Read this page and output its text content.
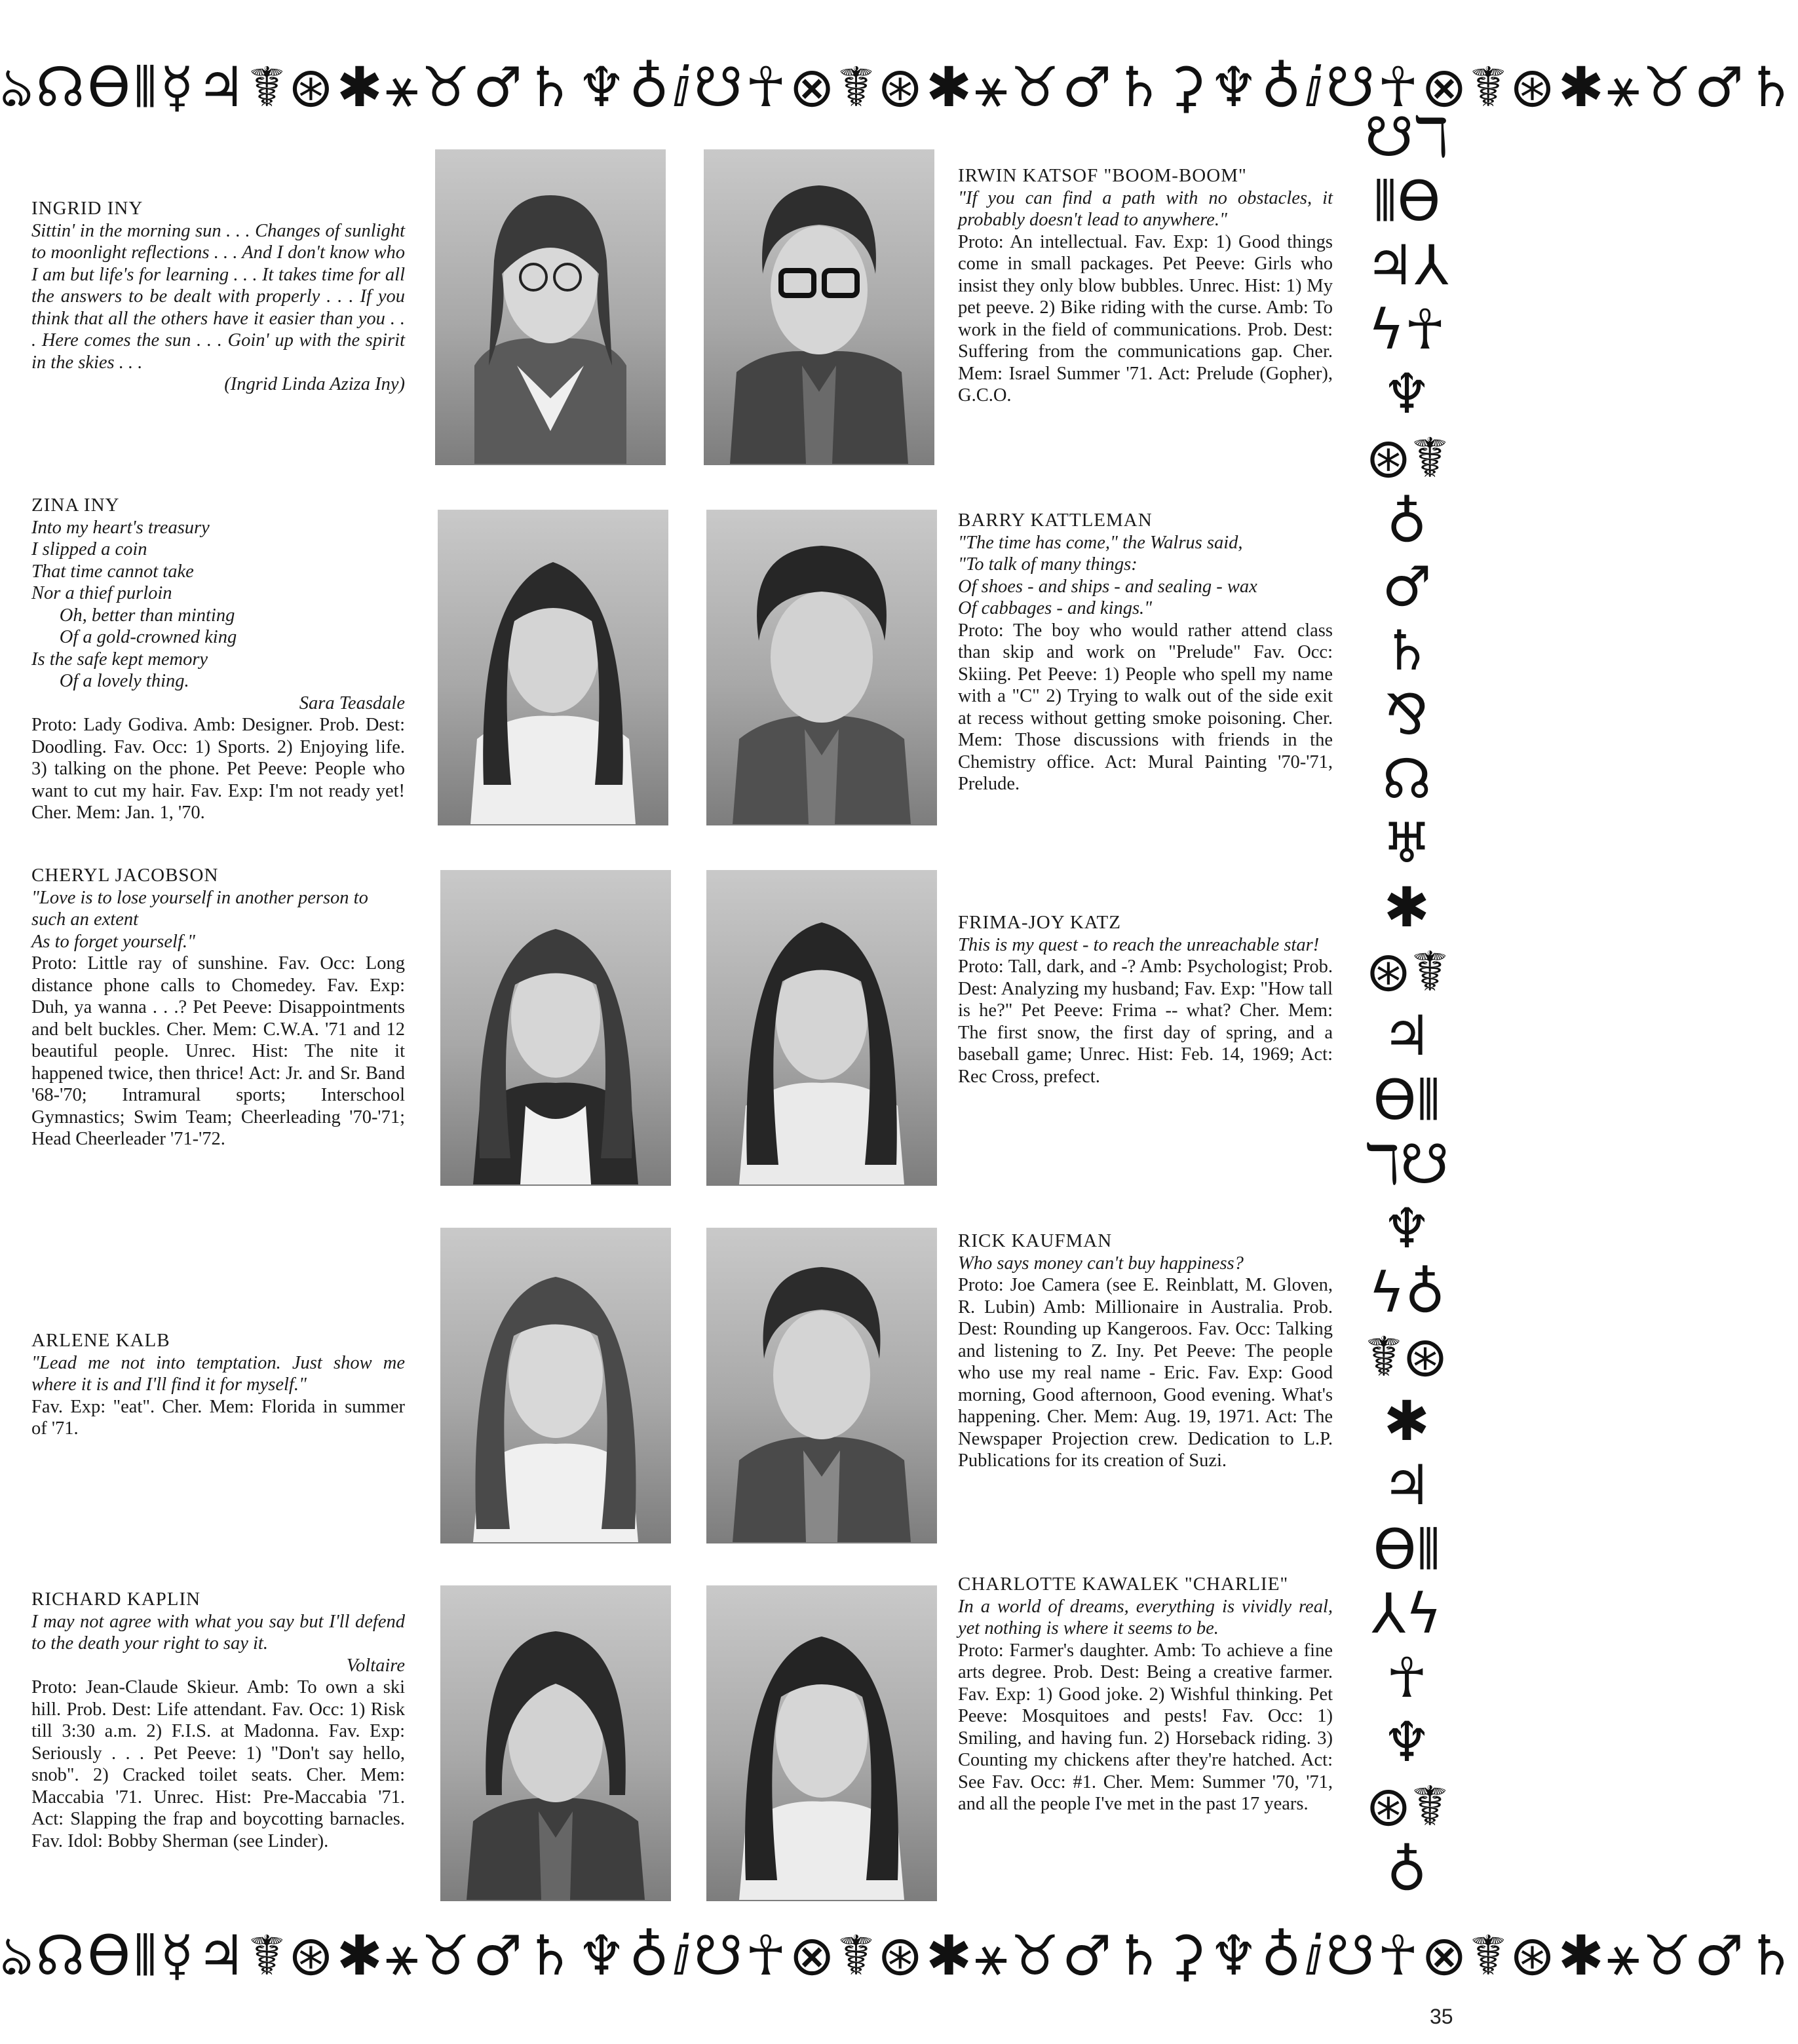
ঌ☊ϴ⦀☿♃☤⊛✱⚹♉♂♄♆♁ⅈ☋☥⊗☤⊛✱⚹♉♂♄⚳♆♁ⅈ☋☥⊗☤⊛✱⚹♉♂♄
☋ℸ⦀ϴ♃⅄ϟ☥♆⊛☤♁♂♄⅋☊♅✱⊛☤♃ϴ⦀ℸ☋♆ϟ♁☤⊛✱♃ϴ⦀⅄ϟ☥♆⊛☤♁
ঌ☊ϴ⦀☿♃☤⊛✱⚹♉♂♄♆♁ⅈ☋☥⊗☤⊛✱⚹♉♂♄⚳♆♁ⅈ☋☥⊗☤⊛✱⚹♉♂♄

INGRID INY

Sittin' in the morning sun . . . Changes of sunlight to moonlight reflections . . . And I don't know who I am but life's for learning . . . It takes time for all the answers to be dealt with properly . . . If you think that all the others have it easier than you . . . Here comes the sun . . . Goin' up with the spirit in the skies . . .

(Ingrid Linda Aziza Iny)

IRWIN KATSOF "BOOM-BOOM"

"If you can find a path with no obstacles, it probably doesn't lead to anywhere."

Proto: An intellectual. Fav. Exp: 1) Good things come in small packages. Pet Peeve: Girls who insist they only blow bubbles. Unrec. Hist: 1) My pet peeve. 2) Bike riding with the curse. Amb: To work in the field of communications. Prob. Dest: Suffering from the communications gap. Cher. Mem: Israel Summer '71. Act: Prelude (Gopher), G.C.O.

ZINA INY

Into my heart's treasury
I slipped a coin
That time cannot take
Nor a thief purloin
Oh, better than minting
Of a gold-crowned king
Is the safe kept memory
Of a lovely thing.

Sara Teasdale

Proto: Lady Godiva. Amb: Designer. Prob. Dest: Doodling. Fav. Occ: 1) Sports. 2) Enjoying life. 3) talking on the phone. Pet Peeve: People who want to cut my hair. Fav. Exp: I'm not ready yet! Cher. Mem: Jan. 1, '70.

BARRY KATTLEMAN

"The time has come," the Walrus said,
"To talk of many things:
Of shoes - and ships - and sealing - wax
Of cabbages - and kings."

Proto: The boy who would rather attend class than skip and work on "Prelude" Fav. Occ: Skiing. Pet Peeve: 1) People who spell my name with a "C" 2) Trying to walk out of the side exit at recess without getting smoke poisoning. Cher. Mem: Those discussions with friends in the Chemistry office. Act: Mural Painting '70-'71, Prelude.

CHERYL JACOBSON

"Love is to lose yourself in another person to such an extent
As to forget yourself."

Proto: Little ray of sunshine. Fav. Occ: Long distance phone calls to Chomedey. Fav. Exp: Duh, ya wanna . . .? Pet Peeve: Disappointments and belt buckles. Cher. Mem: C.W.A. '71 and 12 beautiful people. Unrec. Hist: The nite it happened twice, then thrice! Act: Jr. and Sr. Band '68-'70; Intramural sports; Interschool Gymnastics; Swim Team; Cheerleading '70-'71; Head Cheerleader '71-'72.

FRIMA-JOY KATZ

This is my quest - to reach the unreachable star!

Proto: Tall, dark, and -? Amb: Psychologist; Prob. Dest: Analyzing my husband; Fav. Exp: "How tall is he?" Pet Peeve: Frima -- what? Cher. Mem: The first snow, the first day of spring, and a baseball game; Unrec. Hist: Feb. 14, 1969; Act: Rec Cross, prefect.

ARLENE KALB

"Lead me not into temptation. Just show me where it is and I'll find it for myself."

Fav. Exp: "eat". Cher. Mem: Florida in summer of '71.

RICK KAUFMAN

Who says money can't buy happiness?

Proto: Joe Camera (see E. Reinblatt, M. Gloven, R. Lubin) Amb: Millionaire in Australia. Prob. Dest: Rounding up Kangeroos. Fav. Occ: Talking and listening to Z. Iny. Pet Peeve: The people who use my real name - Eric. Fav. Exp: Good morning, Good afternoon, Good evening. What's happening. Cher. Mem: Aug. 19, 1971. Act: The Newspaper Projection crew. Dedication to L.P. Publications for its creation of Suzi.

RICHARD KAPLIN

I may not agree with what you say but I'll defend to the death your right to say it.

Voltaire

Proto: Jean-Claude Skieur. Amb: To own a ski hill. Prob. Dest: Life attendant. Fav. Occ: 1) Risk till 3:30 a.m. 2) F.I.S. at Madonna. Fav. Exp: Seriously . . . Pet Peeve: 1) "Don't say hello, snob". 2) Cracked toilet seats. Cher. Mem: Maccabia '71. Unrec. Hist: Pre-Maccabia '71. Act: Slapping the frap and boycotting barnacles. Fav. Idol: Bobby Sherman (see Linder).

CHARLOTTE KAWALEK "CHARLIE"

In a world of dreams, everything is vividly real, yet nothing is where it seems to be.

Proto: Farmer's daughter. Amb: To achieve a fine arts degree. Prob. Dest: Being a creative farmer. Fav. Exp: 1) Good joke. 2) Wishful thinking. Pet Peeve: Mosquitoes and pests! Fav. Occ: 1) Smiling, and having fun. 2) Horseback riding. 3) Counting my chickens after they're hatched. Act: See Fav. Occ: #1. Cher. Mem: Summer '70, '71, and all the people I've met in the past 17 years.

35
